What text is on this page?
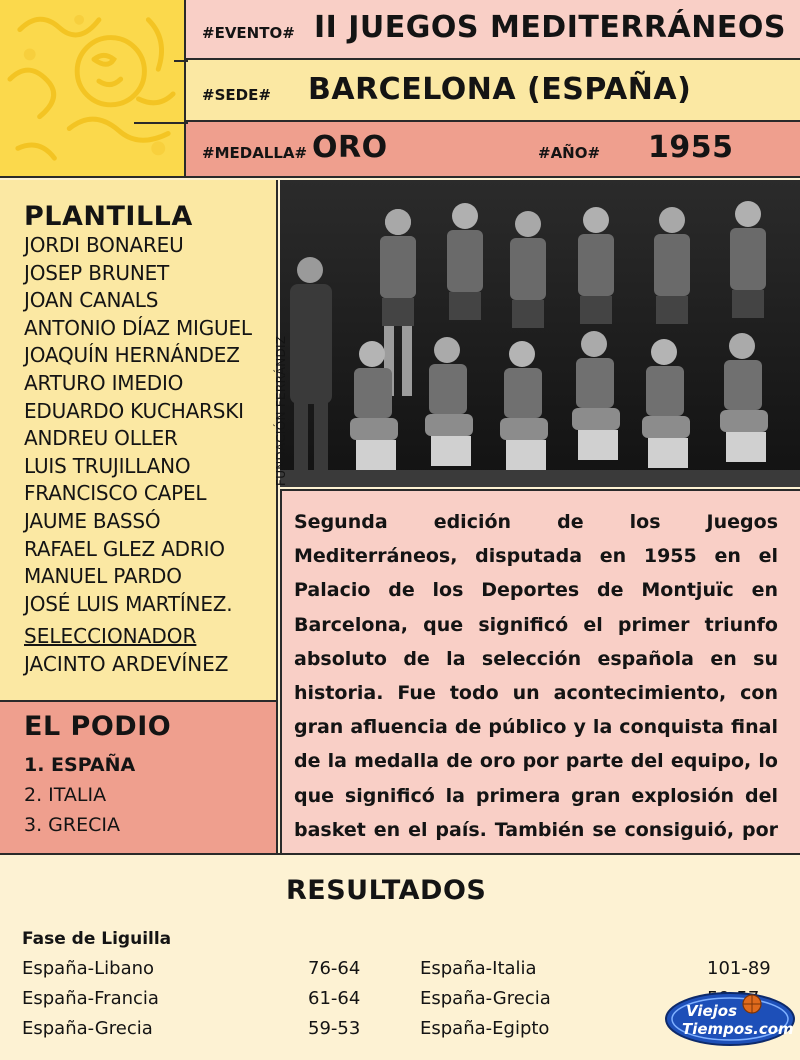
#EVENTO# II JUEGOS MEDITERRÁNEOS
#SEDE# BARCELONA (ESPAÑA)
#MEDALLA# ORO	#AÑO# 1955
PLANTILLA
JORDI BONAREU
JOSEP BRUNET
JOAN CANALS
ANTONIO DÍAZ MIGUEL
JOAQUÍN HERNÁNDEZ
ARTURO IMEDIO
EDUARDO KUCHARSKI
ANDREU OLLER
LUIS TRUJILLANO
FRANCISCO CAPEL
JAUME BASSÓ
RAFAEL GLEZ ADRIO
MANUEL PARDO
JOSÉ LUIS MARTÍNEZ.
SELECCIONADOR
JACINTO ARDEVÍNEZ
FUNDACIÓN FERRÁNDIZ

Segunda edición de los Juegos Mediterráneos, disputada en 1955 en el Palacio de los Deportes de Montjuïc en Barcelona, que significó el primer triunfo absoluto de la selección española en su historia. Fue todo un acontecimiento, con gran afluencia de público y la conquista final de la medalla de oro por parte del equipo, lo que significó la primera gran explosión del basket en el país. También se consiguió, por

EL PODIO
1. ESPAÑA
2. ITALIA
3. GRECIA
RESULTADOS
Fase de Liguilla
España-Libano	76-64
España-Francia	61-64
España-Grecia	59-53
España-Italia	101-89
España-Grecia
España-Egipto
Viejos
Tiempos.com
